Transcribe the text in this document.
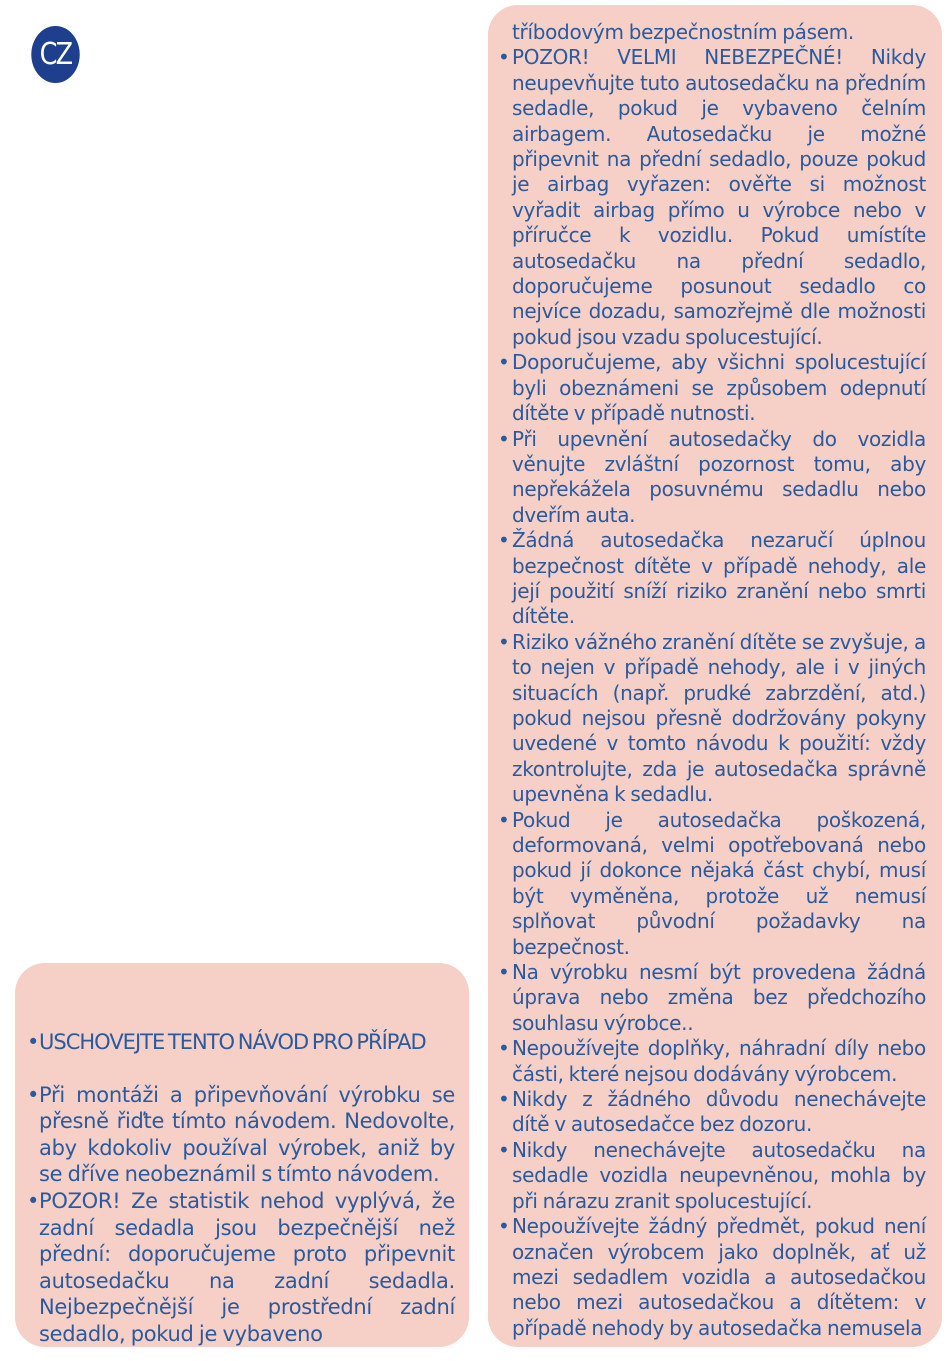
CZ
• USCHOVEJTE TENTO NÁVOD PRO PŘÍPAD
• Při montáži a připevňování výrobku se přesně řiďte tímto návodem. Nedovolte, aby kdokoliv používal výrobek, aniž by se dříve neobeznámil s tímto návodem.
• POZOR! Ze statistik nehod vyplývá, že zadní sedadla jsou bezpečnější než přední: doporučujeme proto připevnit autosedačku na zadní sedadla. Nejbezpečnější je prostřední zadní sedadlo, pokud je vybaveno
tříbodovým bezpečnostním pásem.
• POZOR! VELMI NEBEZPEČNÉ! Nikdy neupevňujte tuto autosedačku na předním sedadle, pokud je vybaveno čelním airbagem. Autosedačku je možné připevnit na přední sedadlo, pouze pokud je airbag vyřazen: ověřte si možnost vyřadit airbag přímo u výrobce nebo v příručce k vozidlu. Pokud umístíte autosedačku na přední sedadlo, doporučujeme posunout sedadlo co nejvíce dozadu, samozřejmě dle možnosti pokud jsou vzadu spolucestující.
• Doporučujeme, aby všichni spolucestující byli obeznámeni se způsobem odepnutí dítěte v případě nutnosti.
• Při upevnění autosedačky do vozidla věnujte zvláštní pozornost tomu, aby nepřekážela posuvnému sedadlu nebo dveřím auta.
• Žádná autosedačka nezaručí úplnou bezpečnost dítěte v případě nehody, ale její použití sníží riziko zranění nebo smrti dítěte.
• Riziko vážného zranění dítěte se zvyšuje, a to nejen v případě nehody, ale i v jiných situacích (např. prudké zabrzdění, atd.) pokud nejsou přesně dodržovány pokyny uvedené v tomto návodu k použití: vždy zkontrolujte, zda je autosedačka správně upevněna k sedadlu.
• Pokud je autosedačka poškozená, deformovaná, velmi opotřebovaná nebo pokud jí dokonce nějaká část chybí, musí být vyměněna, protože už nemusí splňovat původní požadavky na bezpečnost.
• Na výrobku nesmí být provedena žádná úprava nebo změna bez předchozího souhlasu výrobce..
• Nepoužívejte doplňky, náhradní díly nebo části, které nejsou dodávány výrobcem.
• Nikdy z žádného důvodu nenechávejte dítě v autosedačce bez dozoru.
• Nikdy nenechávejte autosedačku na sedadle vozidla neupevněnou, mohla by při nárazu zranit spolucestující.
• Nepoužívejte žádný předmět, pokud není označen výrobcem jako doplněk, ať už mezi sedadlem vozidla a autosedačkou nebo mezi autosedačkou a dítětem: v případě nehody by autosedačka nemusela
